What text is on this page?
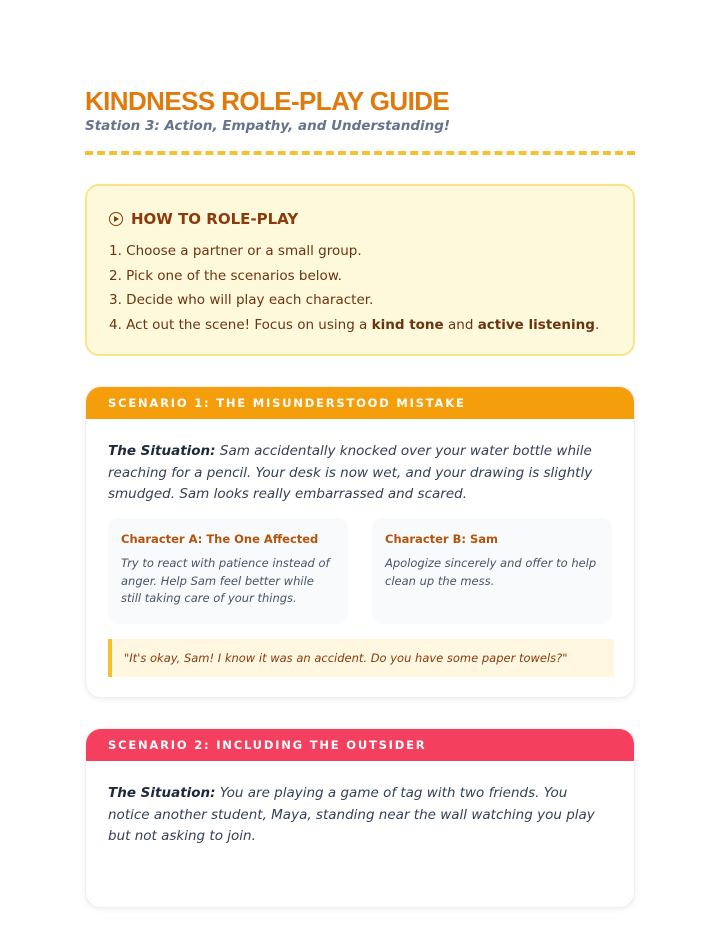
KINDNESS ROLE-PLAY GUIDE
Station 3: Action, Empathy, and Understanding!
HOW TO ROLE-PLAY
1. Choose a partner or a small group.
2. Pick one of the scenarios below.
3. Decide who will play each character.
4. Act out the scene! Focus on using a kind tone and active listening.
SCENARIO 1: THE MISUNDERSTOOD MISTAKE

The Situation: Sam accidentally knocked over your water bottle while reaching for a pencil. Your desk is now wet, and your drawing is slightly smudged. Sam looks really embarrassed and scared.

Character A: The One Affected
Try to react with patience instead of anger. Help Sam feel better while still taking care of your things.
Character B: Sam
Apologize sincerely and offer to help clean up the mess.
"It's okay, Sam! I know it was an accident. Do you have some paper towels?"
SCENARIO 2: INCLUDING THE OUTSIDER

The Situation: You are playing a game of tag with two friends. You notice another student, Maya, standing near the wall watching you play but not asking to join.
